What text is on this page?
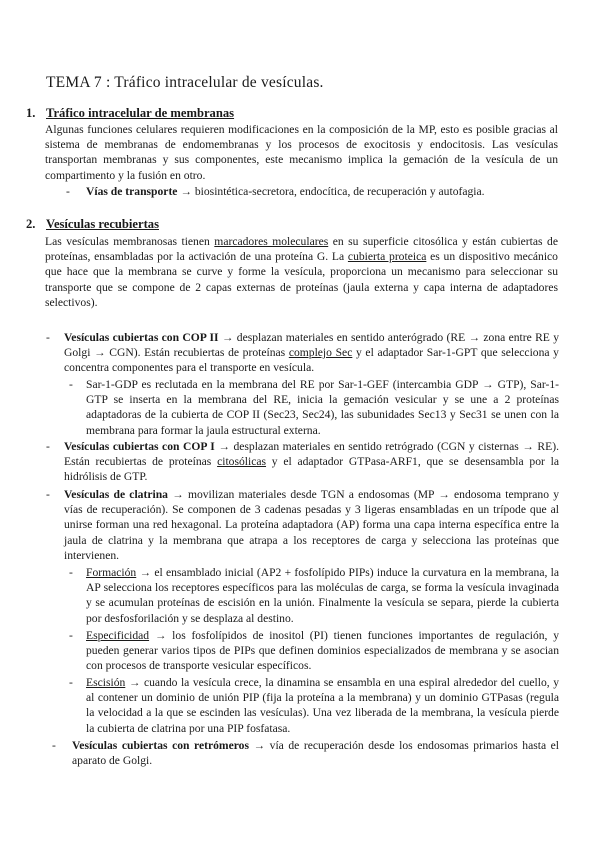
TEMA 7 : Tráfico intracelular de vesículas.
1. Tráfico intracelular de membranas
Algunas funciones celulares requieren modificaciones en la composición de la MP, esto es posible gracias al sistema de membranas de endomembranas y los procesos de exocitosis y endocitosis. Las vesículas transportan membranas y sus componentes, este mecanismo implica la gemación de la vesícula de un compartimento y la fusión en otro.
- Vías de transporte → biosintética-secretora, endocítica, de recuperación y autofagia.
2. Vesículas recubiertas
Las vesículas membranosas tienen marcadores moleculares en su superficie citosólica y están cubiertas de proteínas, ensambladas por la activación de una proteína G. La cubierta proteica es un dispositivo mecánico que hace que la membrana se curve y forme la vesícula, proporciona un mecanismo para seleccionar su transporte que se compone de 2 capas externas de proteínas (jaula externa y capa interna de adaptadores selectivos).
- Vesículas cubiertas con COP II → desplazan materiales en sentido anterógrado (RE → zona entre RE y Golgi → CGN). Están recubiertas de proteínas complejo Sec y el adaptador Sar-1-GPT que selecciona y concentra componentes para el transporte en vesícula.
- Sar-1-GDP es reclutada en la membrana del RE por Sar-1-GEF (intercambia GDP → GTP), Sar-1-GTP se inserta en la membrana del RE, inicia la gemación vesicular y se une a 2 proteínas adaptadoras de la cubierta de COP II (Sec23, Sec24), las subunidades Sec13 y Sec31 se unen con la membrana para formar la jaula estructural externa.
- Vesículas cubiertas con COP I → desplazan materiales en sentido retrógrado (CGN y cisternas → RE). Están recubiertas de proteínas citosólicas y el adaptador GTPasa-ARF1, que se desensambla por la hidrólisis de GTP.
- Vesículas de clatrina → movilizan materiales desde TGN a endosomas (MP → endosoma temprano y vías de recuperación). Se componen de 3 cadenas pesadas y 3 ligeras ensambladas en un trípode que al unirse forman una red hexagonal. La proteína adaptadora (AP) forma una capa interna específica entre la jaula de clatrina y la membrana que atrapa a los receptores de carga y selecciona las proteínas que intervienen.
- Formación → el ensamblado inicial (AP2 + fosfolípido PIPs) induce la curvatura en la membrana, la AP selecciona los receptores específicos para las moléculas de carga, se forma la vesícula invaginada y se acumulan proteínas de escisión en la unión. Finalmente la vesícula se separa, pierde la cubierta por desfosforilación y se desplaza al destino.
- Especificidad → los fosfolípidos de inositol (PI) tienen funciones importantes de regulación, y pueden generar varios tipos de PIPs que definen dominios especializados de membrana y se asocian con procesos de transporte vesicular específicos.
- Escisión → cuando la vesícula crece, la dinamina se ensambla en una espiral alrededor del cuello, y al contener un dominio de unión PIP (fija la proteína a la membrana) y un dominio GTPasas (regula la velocidad a la que se escinden las vesículas). Una vez liberada de la membrana, la vesícula pierde la cubierta de clatrina por una PIP fosfatasa.
- Vesículas cubiertas con retrómeros → vía de recuperación desde los endosomas primarios hasta el aparato de Golgi.
